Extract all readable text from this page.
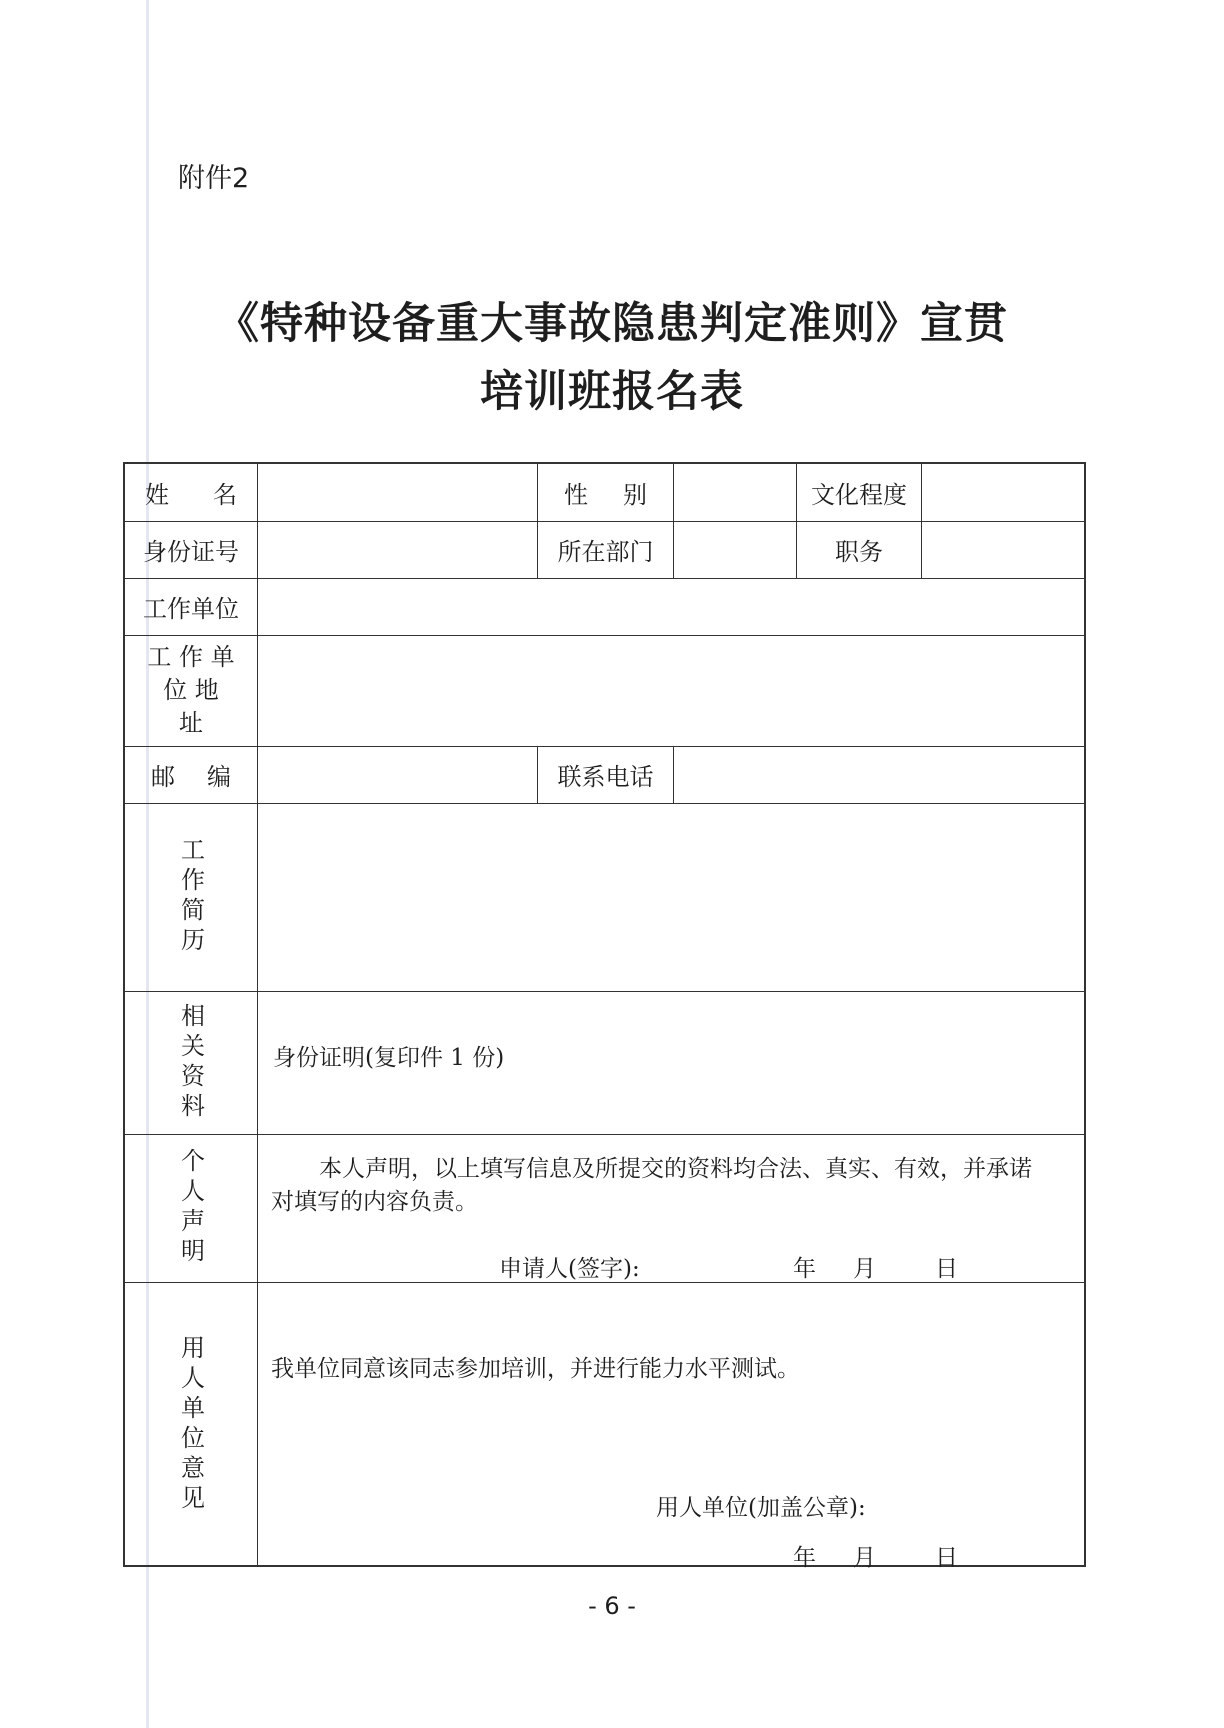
附件2
《特种设备重大事故隐患判定准则》宣贯
培训班报名表
姓 名	性 别	文化程度
身份证号	所在部门	职务
工作单位
工 作 单
位 地
址
邮 编	联系电话
工作简历
相关资料	身份证明(复印件 1 份)
个人声明	本人声明，以上填写信息及所提交的资料均合法、真实、有效，并承诺
对填写的内容负责。
申请人(签字):	年 月	日
用人单位意见	我单位同意该同志参加培训，并进行能力水平测试。
用人单位(加盖公章):
年 月	日
- 6 -
